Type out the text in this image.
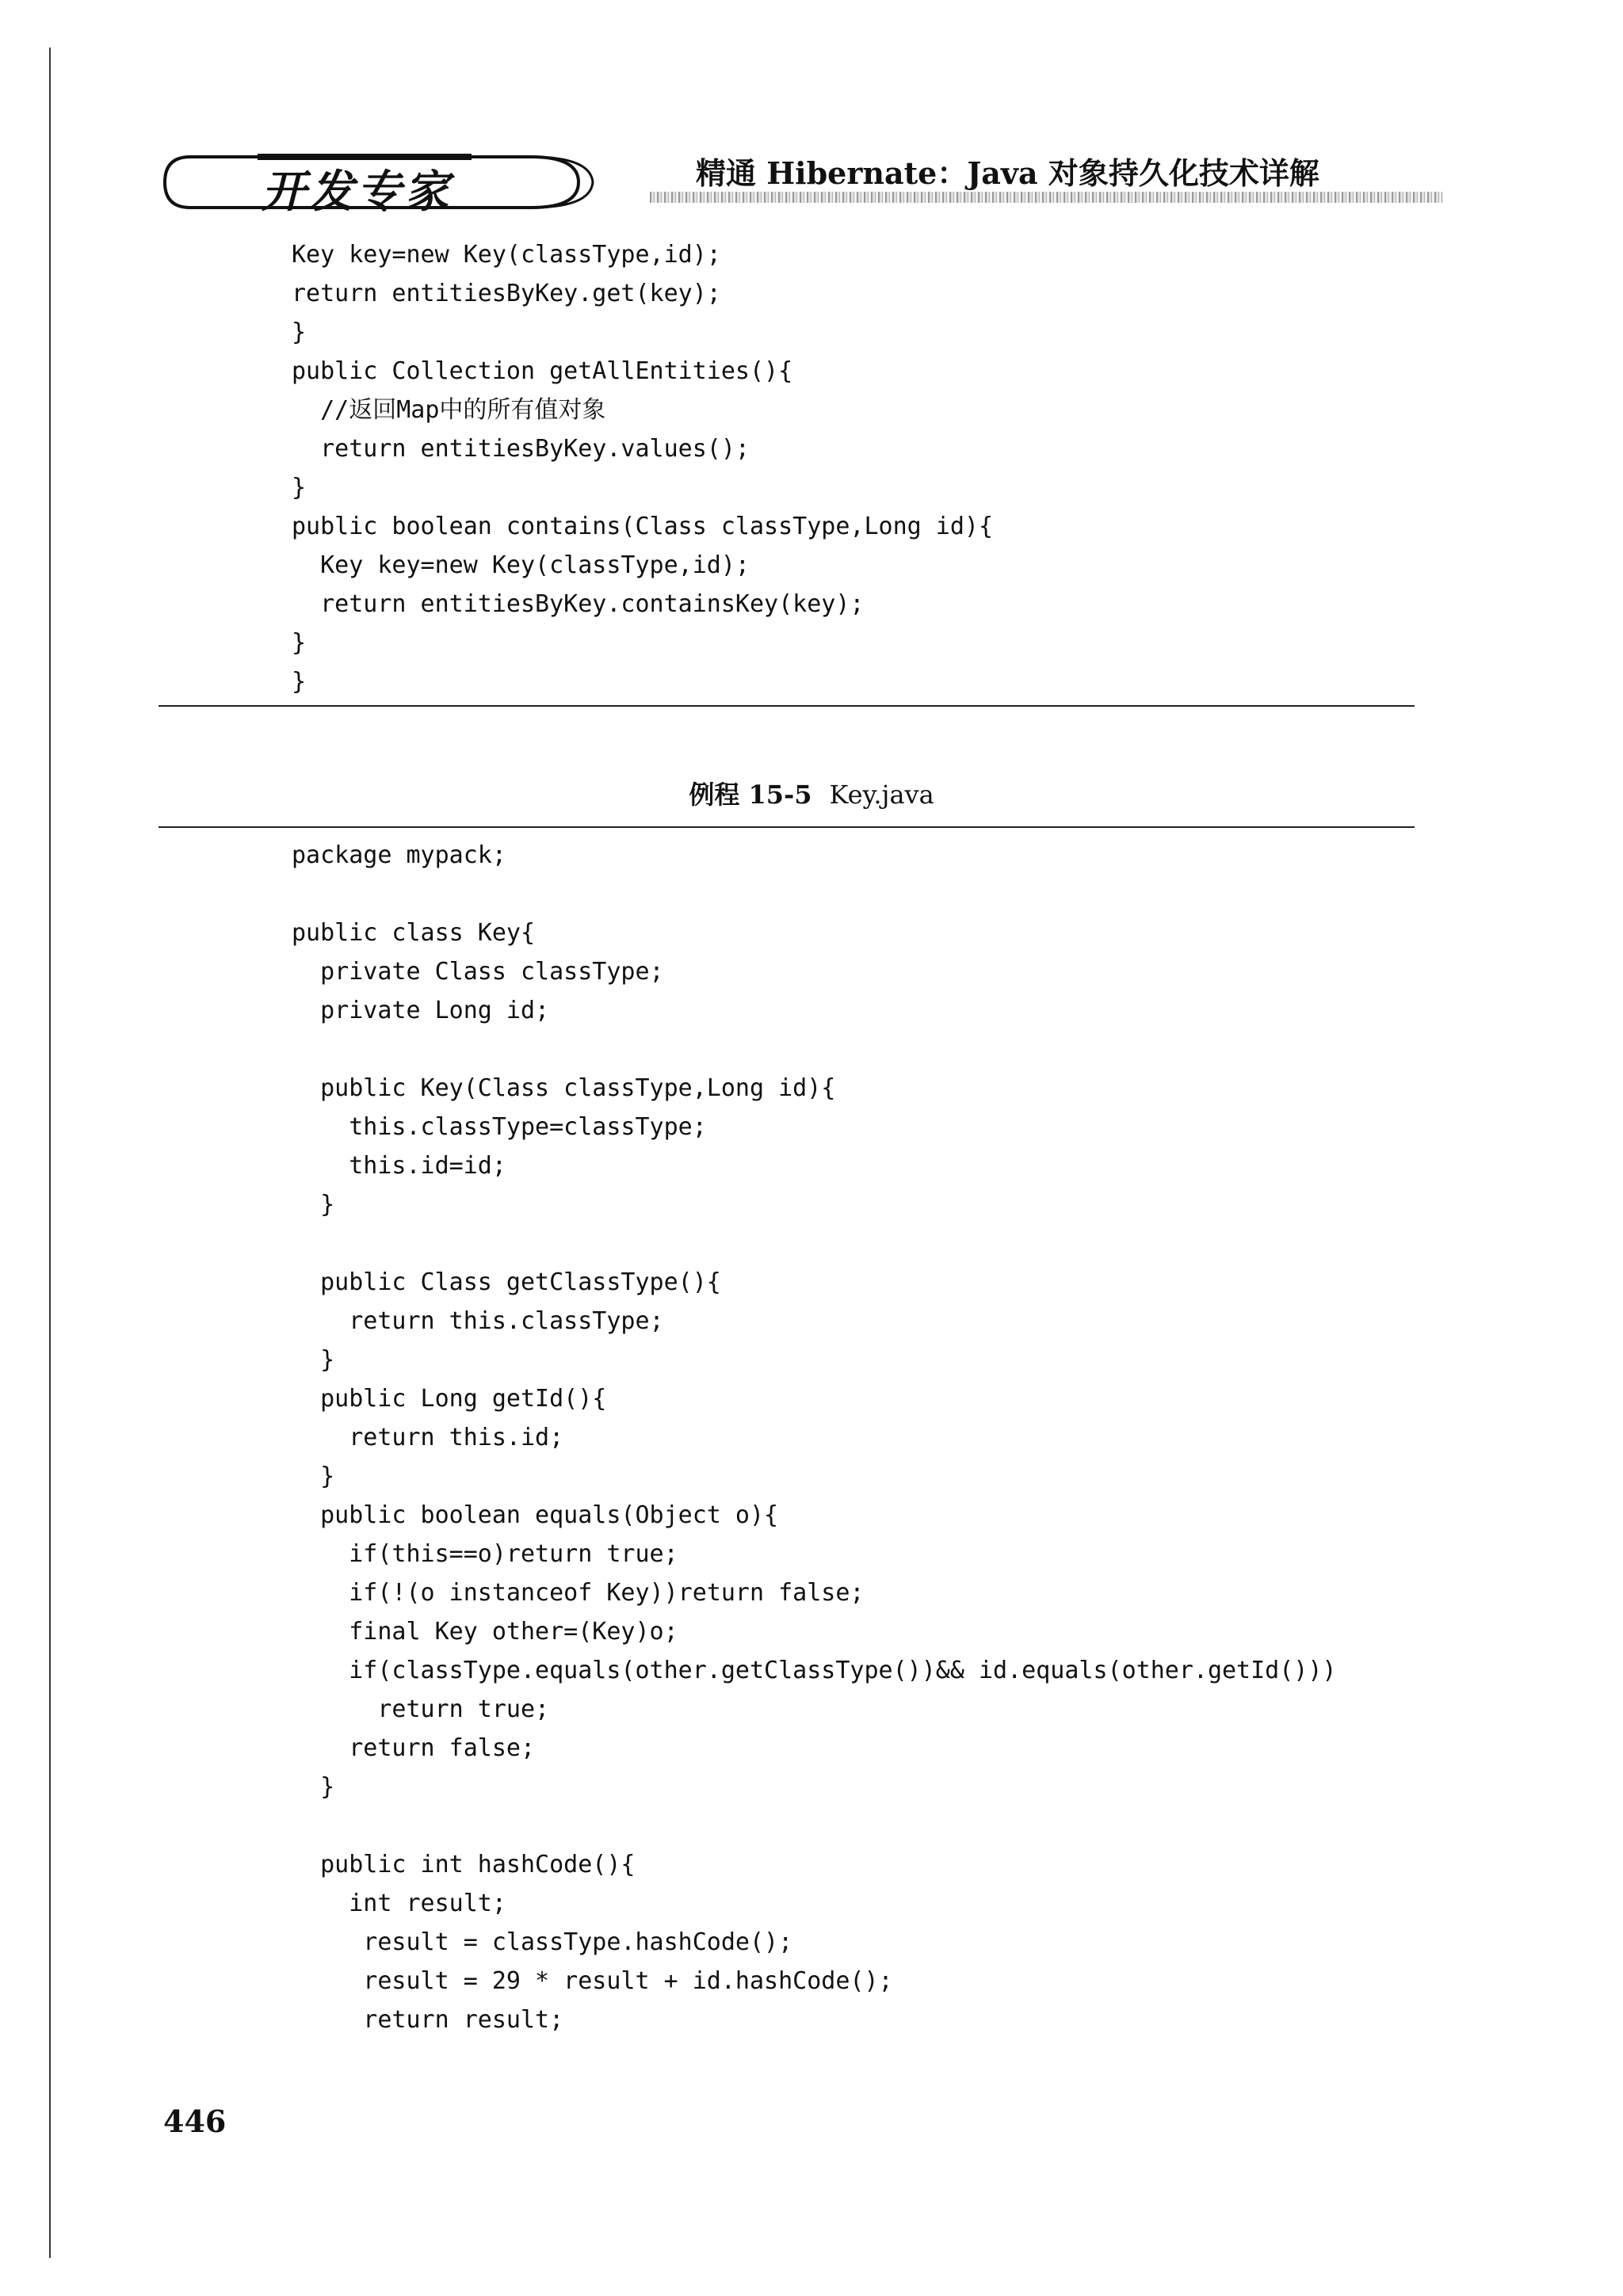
开发专家	精通 Hibernate：Java 对象持久化技术详解
Key key=new Key(classType,id);
return entitiesByKey.get(key);
}
public Collection getAllEntities(){
//返回Map中的所有值对象
return entitiesByKey.values();
}
public boolean contains(Class classType,Long id){
Key key=new Key(classType,id);
return entitiesByKey.containsKey(key);
}
}
例程 15-5 Key.java
package mypack;

public class Key{
private Class classType;
private Long id;

public Key(Class classType,Long id){
this.classType=classType;
this.id=id;
}

public Class getClassType(){
return this.classType;
}
public Long getId(){
return this.id;
}
public boolean equals(Object o){
if(this==o)return true;
if(!(o instanceof Key))return false;
final Key other=(Key)o;
if(classType.equals(other.getClassType())&& id.equals(other.getId()))
return true;
return false;
}

public int hashCode(){
int result;
result = classType.hashCode();
result = 29 * result + id.hashCode();
return result;
446
